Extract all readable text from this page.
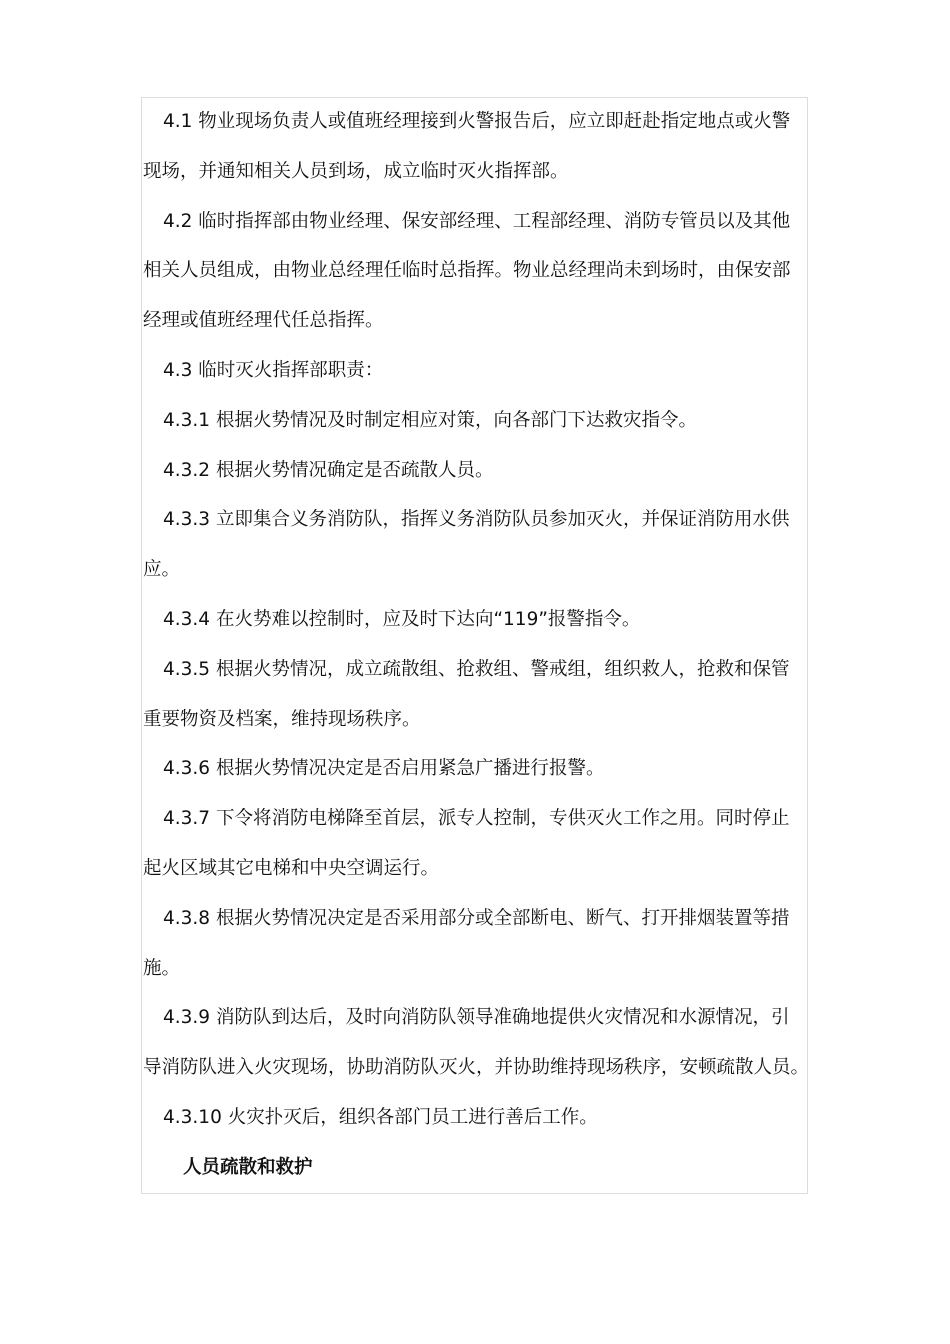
4.1 物业现场负责人或值班经理接到火警报告后，应立即赶赴指定地点或火警

现场，并通知相关人员到场，成立临时灭火指挥部。

4.2 临时指挥部由物业经理、保安部经理、工程部经理、消防专管员以及其他

相关人员组成，由物业总经理任临时总指挥。物业总经理尚未到场时，由保安部

经理或值班经理代任总指挥。

4.3 临时灭火指挥部职责：

4.3.1 根据火势情况及时制定相应对策，向各部门下达救灾指令。

4.3.2 根据火势情况确定是否疏散人员。

4.3.3 立即集合义务消防队，指挥义务消防队员参加灭火，并保证消防用水供

应。

4.3.4 在火势难以控制时，应及时下达向“119”报警指令。

4.3.5 根据火势情况，成立疏散组、抢救组、警戒组，组织救人，抢救和保管

重要物资及档案，维持现场秩序。

4.3.6 根据火势情况决定是否启用紧急广播进行报警。

4.3.7 下令将消防电梯降至首层，派专人控制，专供灭火工作之用。同时停止

起火区域其它电梯和中央空调运行。

4.3.8 根据火势情况决定是否采用部分或全部断电、断气、打开排烟装置等措

施。

4.3.9 消防队到达后，及时向消防队领导准确地提供火灾情况和水源情况，引

导消防队进入火灾现场，协助消防队灭火，并协助维持现场秩序，安顿疏散人员。

4.3.10 火灾扑灭后，组织各部门员工进行善后工作。

人员疏散和救护
